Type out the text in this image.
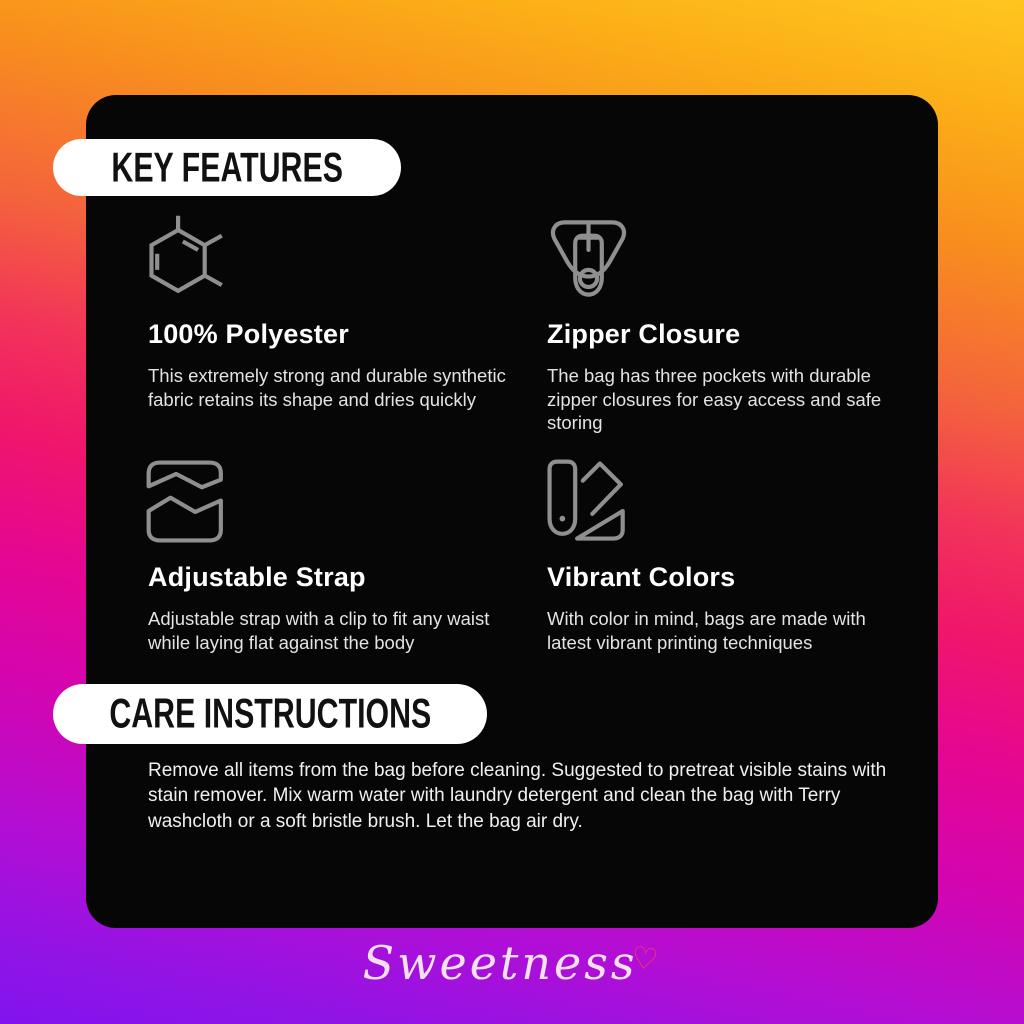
KEY FEATURES
100% Polyester

This extremely strong and durable synthetic fabric retains its shape and dries quickly

Zipper Closure

The bag has three pockets with durable zipper closures for easy access and safe storing

Adjustable Strap

Adjustable strap with a clip to fit any waist while laying flat against the body

Vibrant Colors

With color in mind, bags are made with latest vibrant printing techniques

CARE INSTRUCTIONS
Remove all items from the bag before cleaning. Suggested to pretreat visible stains with stain remover. Mix warm water with laundry detergent and clean the bag with Terry washcloth or a soft bristle brush. Let the bag air dry.
Sweetness♡
